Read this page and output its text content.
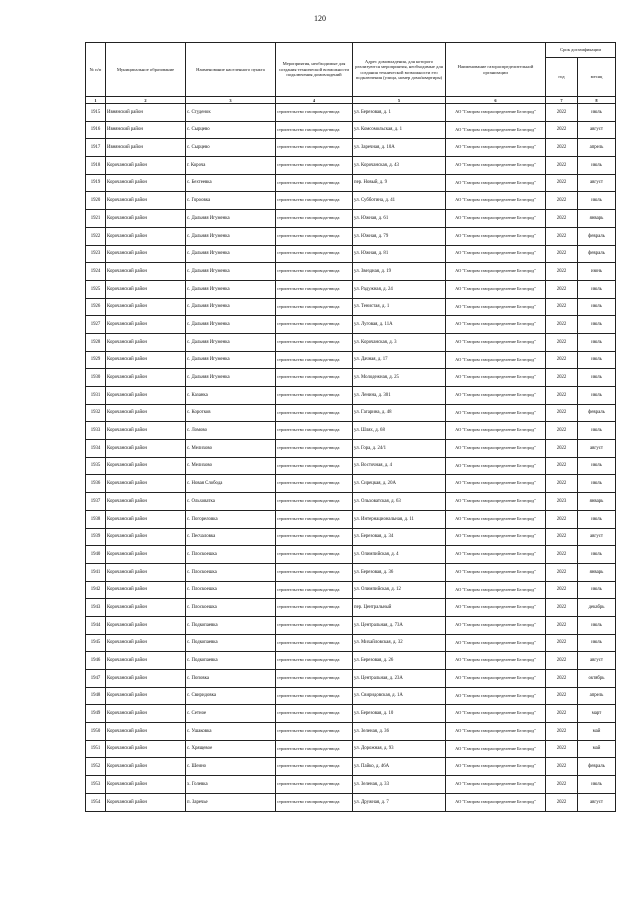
120
№ п/п	Муниципальное образование	Наименование населенного пункта	Мероприятия, необходимые для создания технической возможности подключения домовладений	Адрес домовладения, для которого реализуются мероприятия, необходимые для создания технической возможности его подключения (улица, номер дома/квартиры)	Наименование газораспределительной организации	Срок догазификации	
						год	месяц
1	2	3	4	5	6	7	8
1915	Ивнянский район	с. Студенок	строительство газопровода-ввода	ул. Березовая, д. 1	АО "Газпром газораспределение Белгород"	2022	июль
1916	Ивнянский район	с. Сырцево	строительство газопровода-ввода	ул. Комсомольская, д. 1	АО "Газпром газораспределение Белгород"	2022	август
1917	Ивнянский район	с. Сырцево	строительство газопровода-ввода	ул. Заречная, д. 10А	АО "Газпром газораспределение Белгород"	2022	апрель
1918	Корочанский район	г. Короча	строительство газопровода-ввода	ул. Корочанская, д. 43	АО "Газпром газораспределение Белгород"	2022	июль
1919	Корочанский район	с. Бехтеевка	строительство газопровода-ввода	пер. Новый, д. 9	АО "Газпром газораспределение Белгород"	2022	август
1920	Корочанский район	с. Гороовка	строительство газопровода-ввода	ул. Субботина, д. 41	АО "Газпром газораспределение Белгород"	2022	июль
1921	Корочанский район	с. Дальняя Игуменка	строительство газопровода-ввода	ул. Южная, д. 61	АО "Газпром газораспределение Белгород"	2022	январь
1922	Корочанский район	с. Дальняя Игуменка	строительство газопровода-ввода	ул. Южная, д. 79	АО "Газпром газораспределение Белгород"	2022	февраль
1923	Корочанский район	с. Дальняя Игуменка	строительство газопровода-ввода	ул. Южная, д. 81	АО "Газпром газораспределение Белгород"	2022	февраль
1924	Корочанский район	с. Дальняя Игуменка	строительство газопровода-ввода	ул. Звездная, д. 19	АО "Газпром газораспределение Белгород"	2022	июнь
1925	Корочанский район	с. Дальняя Игуменка	строительство газопровода-ввода	ул. Радужная, д. 24	АО "Газпром газораспределение Белгород"	2022	июль
1926	Корочанский район	с. Дальняя Игуменка	строительство газопровода-ввода	ул. Тенистая, д. 1	АО "Газпром газораспределение Белгород"	2022	июль
1927	Корочанский район	с. Дальняя Игуменка	строительство газопровода-ввода	ул. Луговая, д. 11А	АО "Газпром газораспределение Белгород"	2022	июль
1928	Корочанский район	с. Дальняя Игуменка	строительство газопровода-ввода	ул. Корочанская, д. 3	АО "Газпром газораспределение Белгород"	2022	июль
1929	Корочанский район	с. Дальняя Игуменка	строительство газопровода-ввода	ул. Дачная, д. 17	АО "Газпром газораспределение Белгород"	2022	июль
1930	Корочанский район	с. Дальняя Игуменка	строительство газопровода-ввода	ул. Молодежная, д. 25	АО "Газпром газораспределение Белгород"	2022	июль
1931	Корочанский район	с. Казанка	строительство газопровода-ввода	ул. Ленина, д. 301	АО "Газпром газораспределение Белгород"	2022	июль
1932	Корочанский район	с. Коротков	строительство газопровода-ввода	ул. Гагарина, д. 48	АО "Газпром газораспределение Белгород"	2022	февраль
1933	Корочанский район	с. Ломово	строительство газопровода-ввода	ул. Шлях, д. 68	АО "Газпром газораспределение Белгород"	2022	июль
1934	Корочанский район	с. Мелихово	строительство газопровода-ввода	ул. Гора, д. 24/1	АО "Газпром газораспределение Белгород"	2022	август
1935	Корочанский район	с. Мелихово	строительство газопровода-ввода	ул. Восточная, д. 4	АО "Газпром газораспределение Белгород"	2022	июль
1936	Корочанский район	с. Новая Слобода	строительство газопровода-ввода	ул. Сирецкая, д. 20А	АО "Газпром газораспределение Белгород"	2022	июль
1937	Корочанский район	с. Ольховатка	строительство газопровода-ввода	ул. Ольховатская, д. 63	АО "Газпром газораспределение Белгород"	2023	январь
1938	Корочанский район	с. Погореловка	строительство газопровода-ввода	ул. Интернациональная, д. 11	АО "Газпром газораспределение Белгород"	2022	июль
1939	Корочанский район	с. Песчаловка	строительство газопровода-ввода	ул. Березовая, д. 34	АО "Газпром газораспределение Белгород"	2022	август
1940	Корочанский район	с. Плоскоешка	строительство газопровода-ввода	ул. Олимпийская, д. 4	АО "Газпром газораспределение Белгород"	2022	июль
1941	Корочанский район	с. Плоскоешка	строительство газопровода-ввода	ул. Березовая, д. 36	АО "Газпром газораспределение Белгород"	2022	январь
1942	Корочанский район	с. Плоскоешка	строительство газопровода-ввода	ул. Олимпийская, д. 12	АО "Газпром газораспределение Белгород"	2022	июль
1943	Корочанский район	с. Плоскоешка	строительство газопровода-ввода	пер. Центральный	АО "Газпром газораспределение Белгород"	2022	декабрь
1944	Корочанский район	с. Подкопаевка	строительство газопровода-ввода	ул. Центральная, д. 73А	АО "Газпром газораспределение Белгород"	2022	июль
1945	Корочанский район	с. Подкопаевка	строительство газопровода-ввода	ул. Михайловская, д. 32	АО "Газпром газораспределение Белгород"	2022	июль
1946	Корочанский район	с. Подкопаевка	строительство газопровода-ввода	ул. Березовая, д. 26	АО "Газпром газораспределение Белгород"	2022	август
1947	Корочанский район	с. Поповка	строительство газопровода-ввода	ул. Центральная, д. 23А	АО "Газпром газораспределение Белгород"	2022	октябрь
1948	Корочанский район	с. Свиридовка	строительство газопровода-ввода	ул. Свиридовская, д. 1А	АО "Газпром газораспределение Белгород"	2022	апрель
1949	Корочанский район	с. Сетное	строительство газопровода-ввода	ул. Березовая, д. 10	АО "Газпром газораспределение Белгород"	2022	март
1950	Корочанский район	с. Ушаковка	строительство газопровода-ввода	ул. Зеленая, д. 36	АО "Газпром газораспределение Белгород"	2022	май
1951	Корочанский район	с. Хрящевое	строительство газопровода-ввода	ул. Дорожная, д. 93	АО "Газпром газораспределение Белгород"	2022	май
1952	Корочанский район	с. Шеино	строительство газопровода-ввода	ул. Пайко, д. 46А	АО "Газпром газораспределение Белгород"	2022	февраль
1953	Корочанский район	х. Голевка	строительство газопровода-ввода	ул. Зеленая, д. 33	АО "Газпром газораспределение Белгород"	2022	июль
1954	Корочанский район	п. Заречье	строительство газопровода-ввода	ул. Дружная, д. 7	АО "Газпром газораспределение Белгород"	2022	август
